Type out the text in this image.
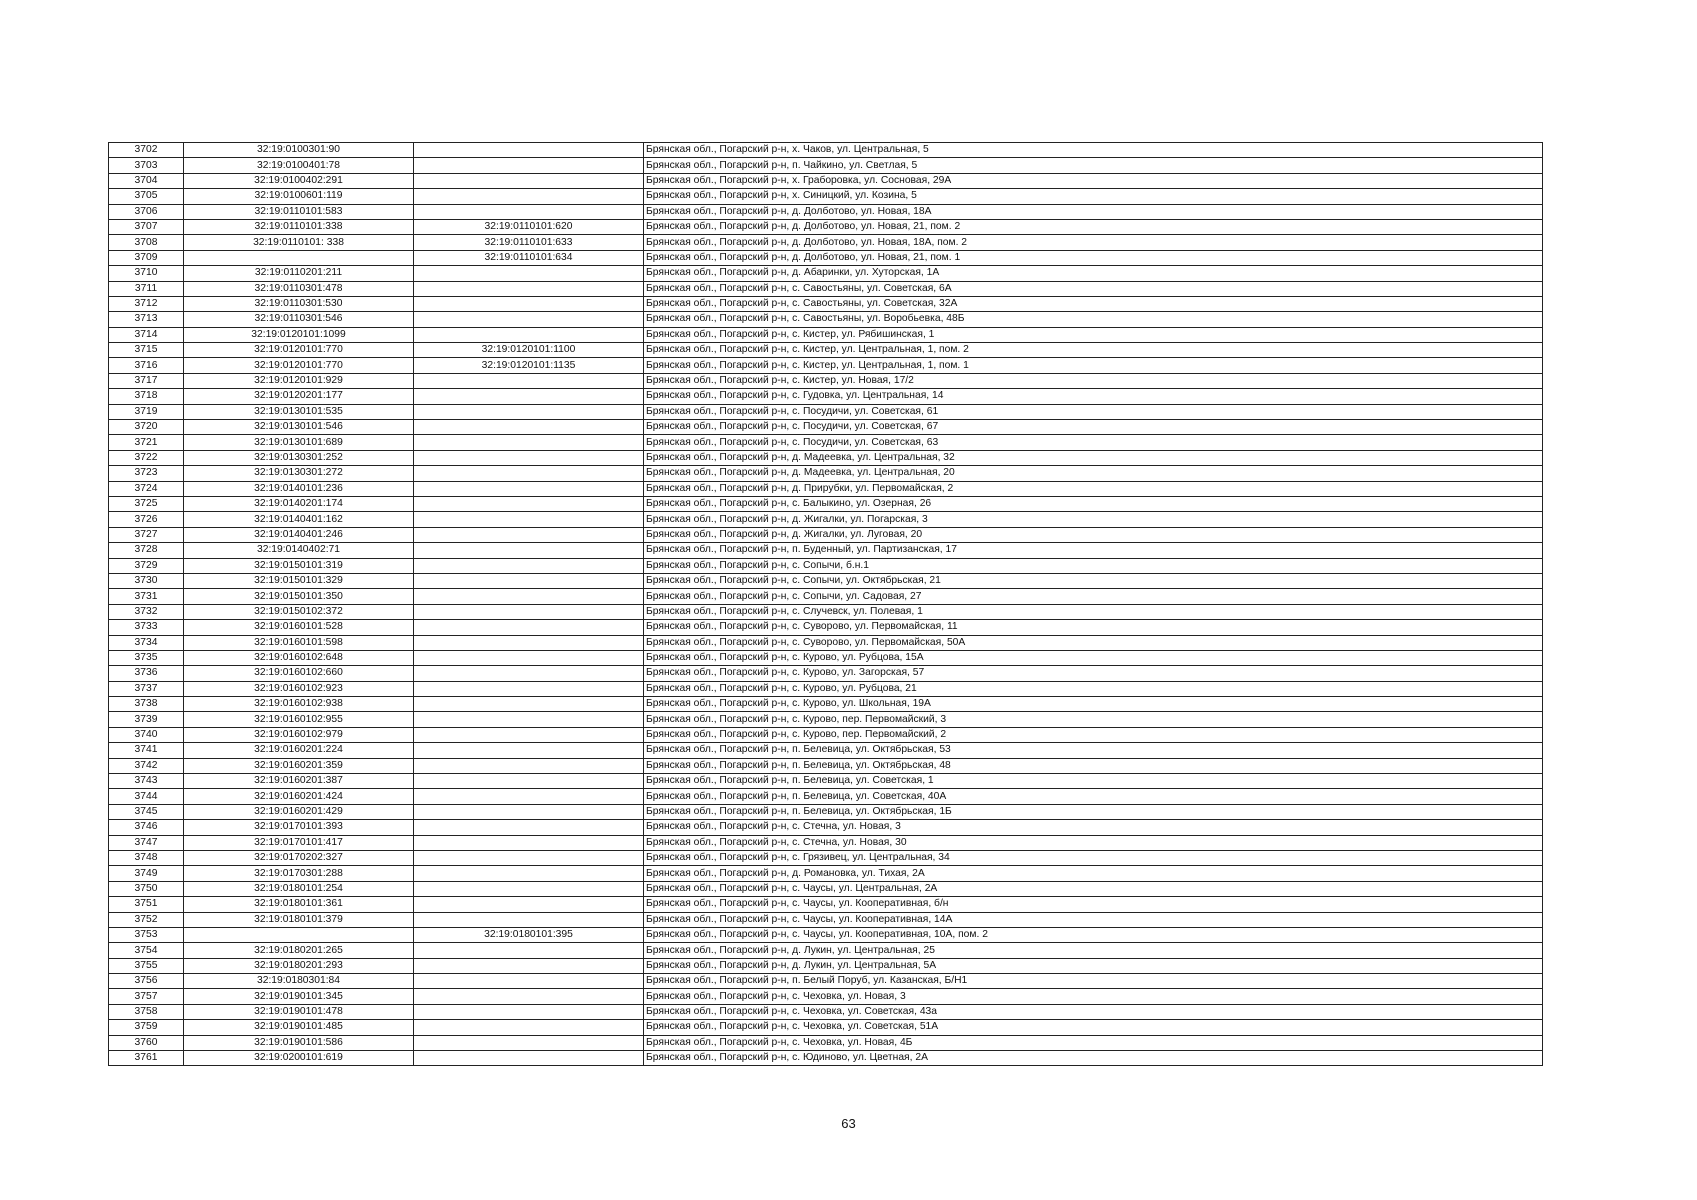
3702	32:19:0100301:90		Брянская обл., Погарский р-н, х. Чаков, ул. Центральная, 5
3703	32:19:0100401:78		Брянская обл., Погарский р-н, п. Чайкино, ул. Светлая, 5
3704	32:19:0100402:291		Брянская обл., Погарский р-н, х. Граборовка, ул. Сосновая, 29А
3705	32:19:0100601:119		Брянская обл., Погарский р-н, х. Синицкий, ул. Козина, 5
3706	32:19:0110101:583		Брянская обл., Погарский р-н, д. Долботово, ул. Новая, 18А
3707	32:19:0110101:338	32:19:0110101:620	Брянская обл., Погарский р-н, д. Долботово, ул. Новая, 21, пом. 2
3708	32:19:0110101: 338	32:19:0110101:633	Брянская обл., Погарский р-н, д. Долботово, ул. Новая, 18А, пом. 2
3709		32:19:0110101:634	Брянская обл., Погарский р-н, д. Долботово, ул. Новая, 21, пом. 1
3710	32:19:0110201:211		Брянская обл., Погарский р-н, д. Абаринки, ул. Хуторская, 1А
3711	32:19:0110301:478		Брянская обл., Погарский р-н, с. Савостьяны, ул. Советская, 6А
3712	32:19:0110301:530		Брянская обл., Погарский р-н, с. Савостьяны, ул. Советская, 32А
3713	32:19:0110301:546		Брянская обл., Погарский р-н, с. Савостьяны, ул. Воробьевка, 48Б
3714	32:19:0120101:1099		Брянская обл., Погарский р-н, с. Кистер, ул. Рябишинская, 1
3715	32:19:0120101:770	32:19:0120101:1100	Брянская обл., Погарский р-н, с. Кистер, ул. Центральная, 1, пом. 2
3716	32:19:0120101:770	32:19:0120101:1135	Брянская обл., Погарский р-н, с. Кистер, ул. Центральная, 1, пом. 1
3717	32:19:0120101:929		Брянская обл., Погарский р-н, с. Кистер, ул. Новая, 17/2
3718	32:19:0120201:177		Брянская обл., Погарский р-н, с. Гудовка, ул. Центральная, 14
3719	32:19:0130101:535		Брянская обл., Погарский р-н, с. Посудичи, ул. Советская, 61
3720	32:19:0130101:546		Брянская обл., Погарский р-н, с. Посудичи, ул. Советская, 67
3721	32:19:0130101:689		Брянская обл., Погарский р-н, с. Посудичи, ул. Советская, 63
3722	32:19:0130301:252		Брянская обл., Погарский р-н, д. Мадеевка, ул. Центральная, 32
3723	32:19:0130301:272		Брянская обл., Погарский р-н, д. Мадеевка, ул. Центральная, 20
3724	32:19:0140101:236		Брянская обл., Погарский р-н, д. Прирубки, ул. Первомайская, 2
3725	32:19:0140201:174		Брянская обл., Погарский р-н, с. Балыкино, ул. Озерная, 26
3726	32:19:0140401:162		Брянская обл., Погарский р-н, д. Жигалки, ул. Погарская, 3
3727	32:19:0140401:246		Брянская обл., Погарский р-н, д. Жигалки, ул. Луговая, 20
3728	32:19:0140402:71		Брянская обл., Погарский р-н, п. Буденный, ул. Партизанская, 17
3729	32:19:0150101:319		Брянская обл., Погарский р-н, с. Сопычи, б.н.1
3730	32:19:0150101:329		Брянская обл., Погарский р-н, с. Сопычи, ул. Октябрьская, 21
3731	32:19:0150101:350		Брянская обл., Погарский р-н, с. Сопычи, ул. Садовая, 27
3732	32:19:0150102:372		Брянская обл., Погарский р-н, с. Случевск, ул. Полевая, 1
3733	32:19:0160101:528		Брянская обл., Погарский р-н, с. Суворово, ул. Первомайская, 11
3734	32:19:0160101:598		Брянская обл., Погарский р-н, с. Суворово, ул. Первомайская, 50А
3735	32:19:0160102:648		Брянская обл., Погарский р-н, с. Курово, ул. Рубцова, 15А
3736	32:19:0160102:660		Брянская обл., Погарский р-н, с. Курово, ул. Загорская, 57
3737	32:19:0160102:923		Брянская обл., Погарский р-н, с. Курово, ул. Рубцова, 21
3738	32:19:0160102:938		Брянская обл., Погарский р-н, с. Курово, ул. Школьная, 19А
3739	32:19:0160102:955		Брянская обл., Погарский р-н, с. Курово, пер. Первомайский, 3
3740	32:19:0160102:979		Брянская обл., Погарский р-н, с. Курово, пер. Первомайский, 2
3741	32:19:0160201:224		Брянская обл., Погарский р-н, п. Белевица, ул. Октябрьская, 53
3742	32:19:0160201:359		Брянская обл., Погарский р-н, п. Белевица, ул. Октябрьская, 48
3743	32:19:0160201:387		Брянская обл., Погарский р-н, п. Белевица, ул. Советская, 1
3744	32:19:0160201:424		Брянская обл., Погарский р-н, п. Белевица, ул. Советская, 40А
3745	32:19:0160201:429		Брянская обл., Погарский р-н, п. Белевица, ул. Октябрьская, 1Б
3746	32:19:0170101:393		Брянская обл., Погарский р-н, с. Стечна, ул. Новая, 3
3747	32:19:0170101:417		Брянская обл., Погарский р-н, с. Стечна, ул. Новая, 30
3748	32:19:0170202:327		Брянская обл., Погарский р-н, с. Грязивец, ул. Центральная, 34
3749	32:19:0170301:288		Брянская обл., Погарский р-н, д. Романовка, ул. Тихая, 2А
3750	32:19:0180101:254		Брянская обл., Погарский р-н, с. Чаусы, ул. Центральная, 2А
3751	32:19:0180101:361		Брянская обл., Погарский р-н, с. Чаусы, ул. Кооперативная, б/н
3752	32:19:0180101:379		Брянская обл., Погарский р-н, с. Чаусы, ул. Кооперативная, 14А
3753		32:19:0180101:395	Брянская обл., Погарский р-н, с. Чаусы, ул. Кооперативная, 10А, пом. 2
3754	32:19:0180201:265		Брянская обл., Погарский р-н, д. Лукин, ул. Центральная, 25
3755	32:19:0180201:293		Брянская обл., Погарский р-н, д. Лукин, ул. Центральная, 5А
3756	32:19:0180301:84		Брянская обл., Погарский р-н, п. Белый Поруб, ул. Казанская, Б/Н1
3757	32:19:0190101:345		Брянская обл., Погарский р-н, с. Чеховка, ул. Новая, 3
3758	32:19:0190101:478		Брянская обл., Погарский р-н, с. Чеховка, ул. Советская, 43а
3759	32:19:0190101:485		Брянская обл., Погарский р-н, с. Чеховка, ул. Советская, 51А
3760	32:19:0190101:586		Брянская обл., Погарский р-н, с. Чеховка, ул. Новая, 4Б
3761	32:19:0200101:619		Брянская обл., Погарский р-н, с. Юдиново, ул. Цветная, 2А
63
